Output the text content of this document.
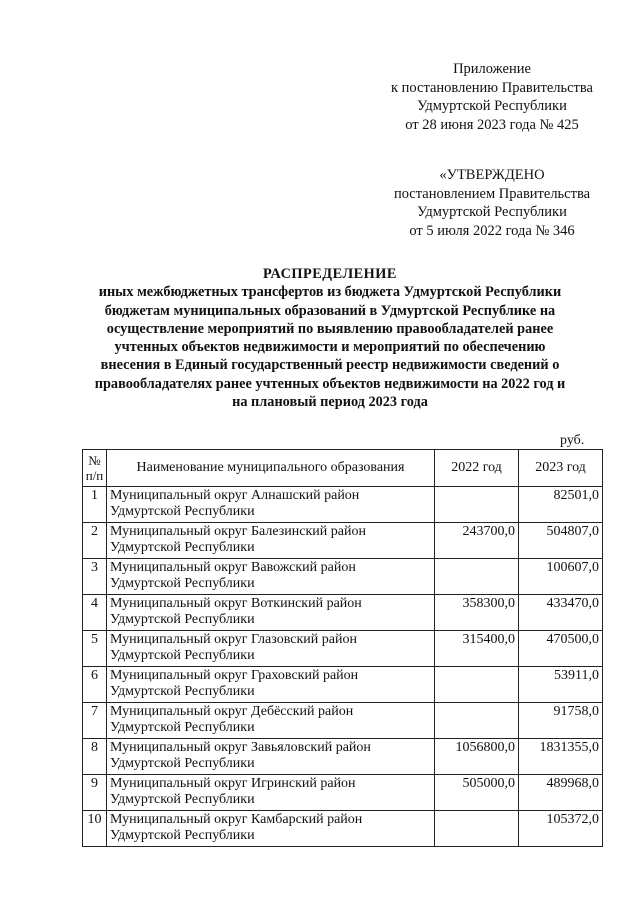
Приложение
к постановлению Правительства
Удмуртской Республики
от 28 июня 2023 года № 425
«УТВЕРЖДЕНО
постановлением Правительства
Удмуртской Республики
от 5 июля 2022 года № 346
РАСПРЕДЕЛЕНИЕ
иных межбюджетных трансфертов из бюджета Удмуртской Республики
бюджетам муниципальных образований в Удмуртской Республике на
осуществление мероприятий по выявлению правообладателей ранее
учтенных объектов недвижимости и мероприятий по обеспечению
внесения в Единый государственный реестр недвижимости сведений о
правообладателях ранее учтенных объектов недвижимости на 2022 год и
на плановый период 2023 года
руб.
№
п/п	Наименование муниципального образования	2022 год	2023 год
1	Муниципальный округ Алнашский район
Удмуртской Республики		82501,0
2	Муниципальный округ Балезинский район
Удмуртской Республики	243700,0	504807,0
3	Муниципальный округ Вавожский район
Удмуртской Республики		100607,0
4	Муниципальный округ Воткинский район
Удмуртской Республики	358300,0	433470,0
5	Муниципальный округ Глазовский район
Удмуртской Республики	315400,0	470500,0
6	Муниципальный округ Граховский район
Удмуртской Республики		53911,0
7	Муниципальный округ Дебёсский район
Удмуртской Республики		91758,0
8	Муниципальный округ Завьяловский район
Удмуртской Республики	1056800,0	1831355,0
9	Муниципальный округ Игринский район
Удмуртской Республики	505000,0	489968,0
10	Муниципальный округ Камбарский район
Удмуртской Республики		105372,0
